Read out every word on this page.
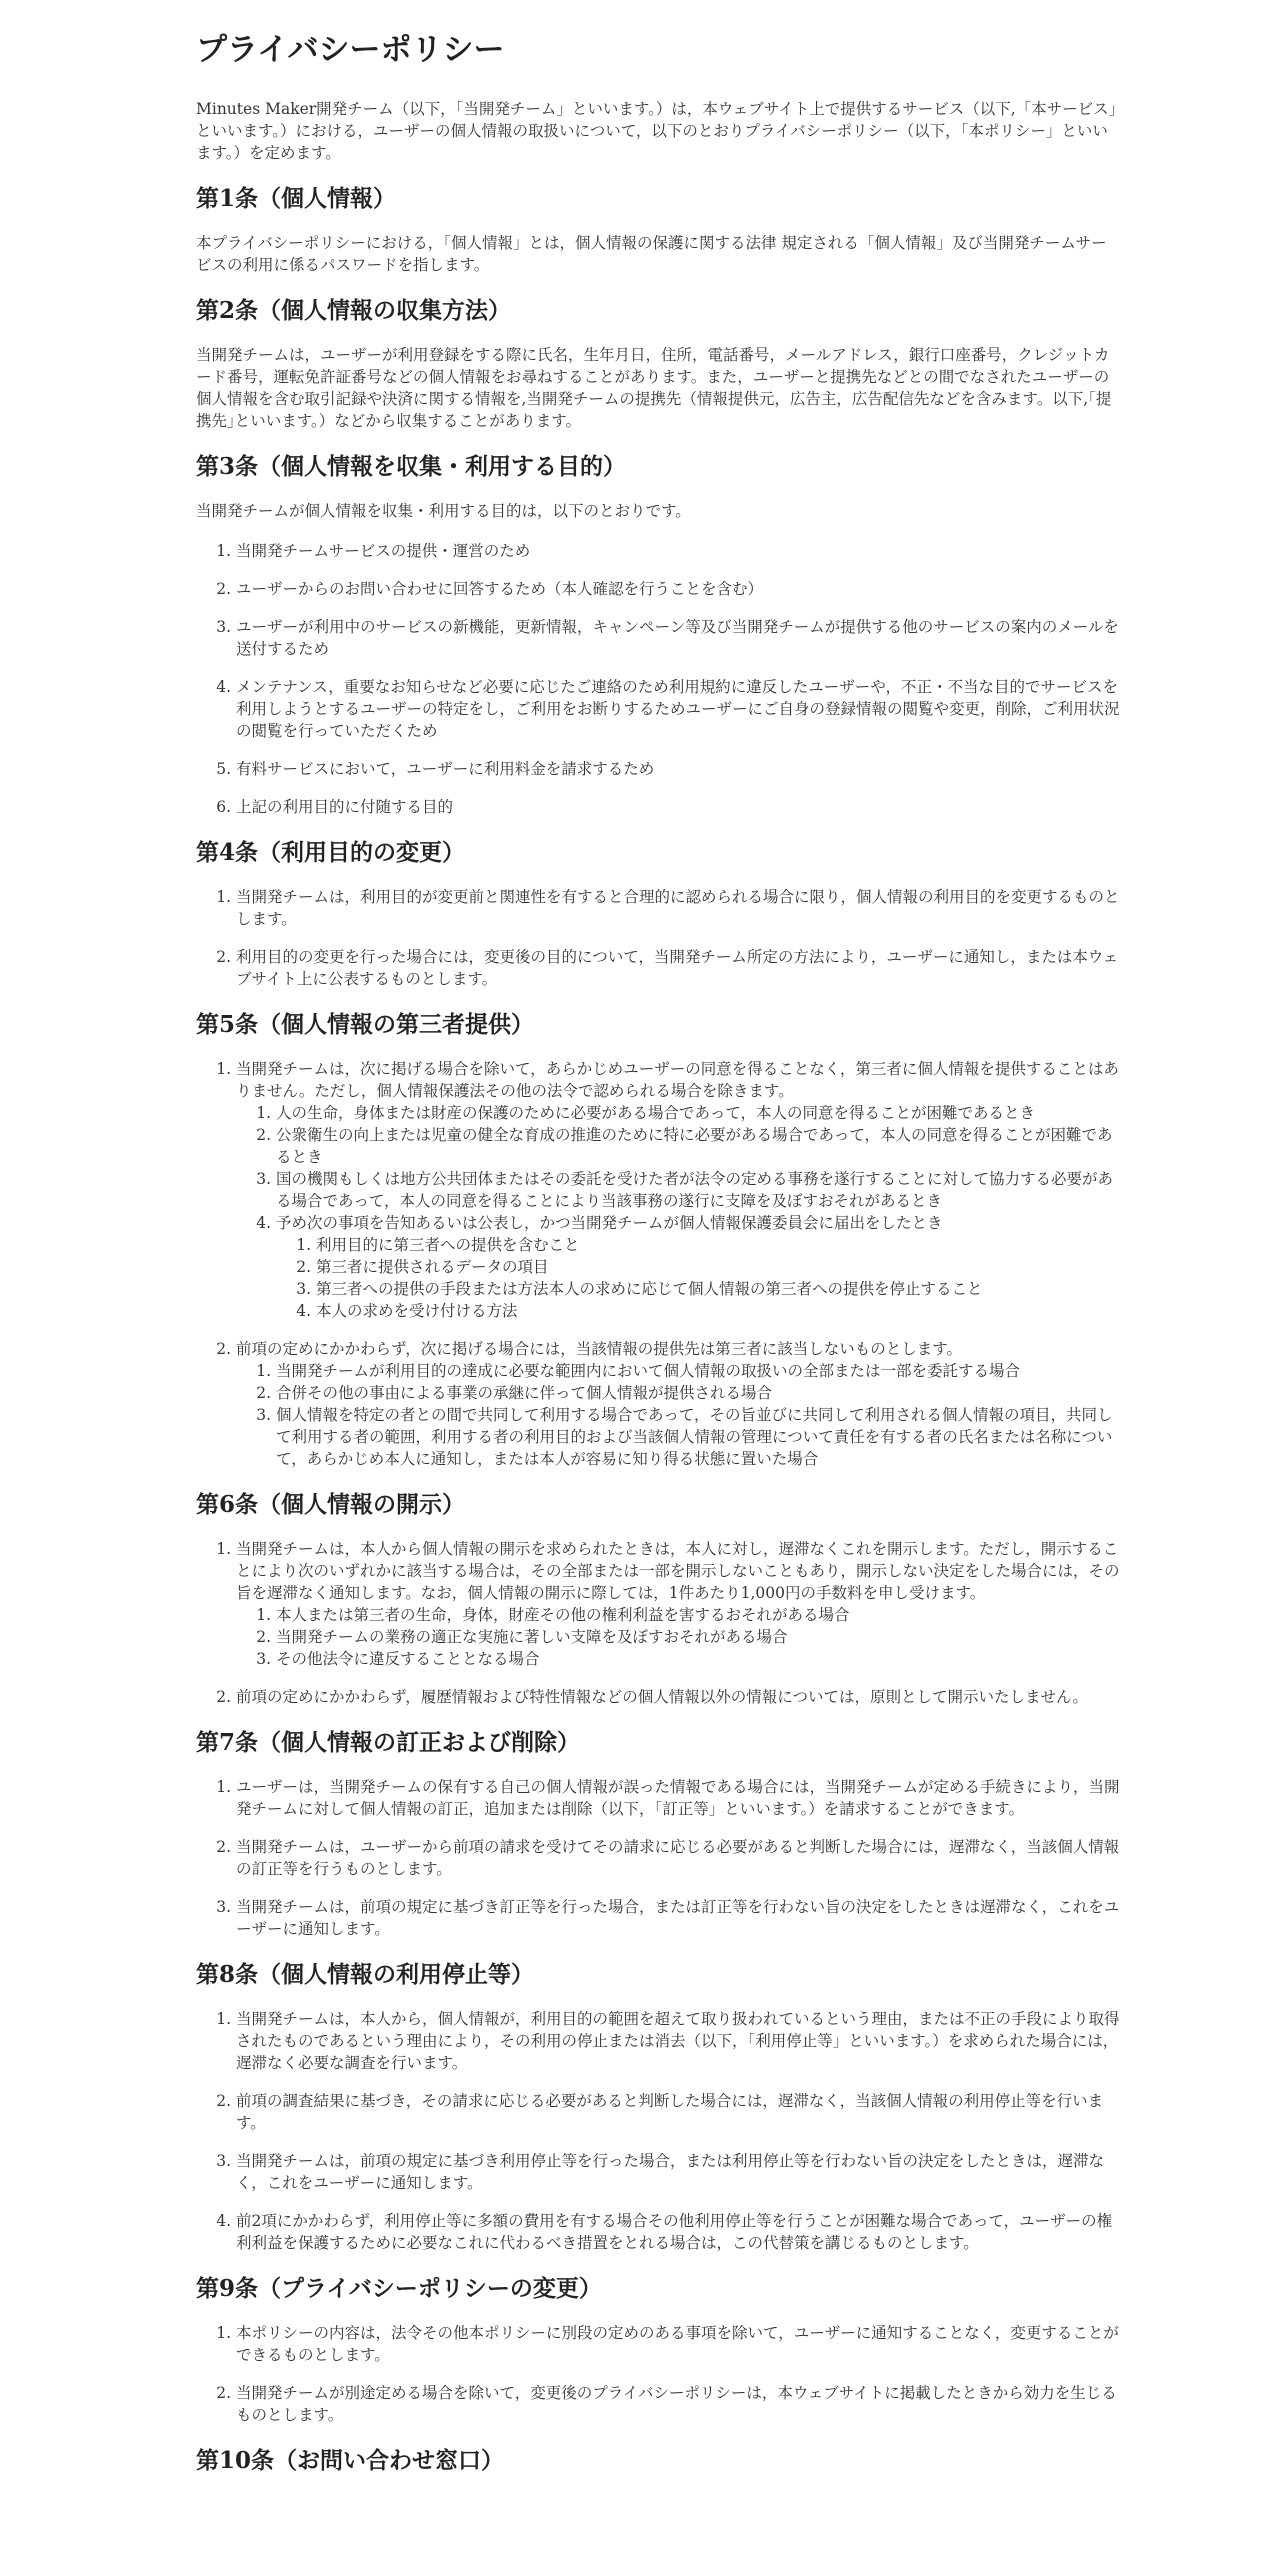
プライバシーポリシー

Minutes Maker開発チーム（以下，「当開発チーム」といいます。）は，本ウェブサイト上で提供するサービス（以下,「本サービス」といいます。）における，ユーザーの個人情報の取扱いについて，以下のとおりプライバシーポリシー（以下，「本ポリシー」といいます。）を定めます。

第1条（個人情報）

本プライバシーポリシーにおける，「個人情報」とは，個人情報の保護に関する法律 規定される「個人情報」及び当開発チームサービスの利用に係るパスワードを指します。

第2条（個人情報の収集方法）

当開発チームは，ユーザーが利用登録をする際に氏名，生年月日，住所，電話番号，メールアドレス，銀行口座番号，クレジットカード番号，運転免許証番号などの個人情報をお尋ねすることがあります。また，ユーザーと提携先などとの間でなされたユーザーの個人情報を含む取引記録や決済に関する情報を,当開発チームの提携先（情報提供元，広告主，広告配信先などを含みます。以下,｢提携先｣といいます。）などから収集することがあります。

第3条（個人情報を収集・利用する目的）

当開発チームが個人情報を収集・利用する目的は，以下のとおりです。

1. 当開発チームサービスの提供・運営のため
2. ユーザーからのお問い合わせに回答するため（本人確認を行うことを含む）
3. ユーザーが利用中のサービスの新機能，更新情報，キャンペーン等及び当開発チームが提供する他のサービスの案内のメールを送付するため
4. メンテナンス，重要なお知らせなど必要に応じたご連絡のため利用規約に違反したユーザーや，不正・不当な目的でサービスを利用しようとするユーザーの特定をし，ご利用をお断りするためユーザーにご自身の登録情報の閲覧や変更，削除，ご利用状況の閲覧を行っていただくため
5. 有料サービスにおいて，ユーザーに利用料金を請求するため
6. 上記の利用目的に付随する目的
第4条（利用目的の変更）
1. 当開発チームは，利用目的が変更前と関連性を有すると合理的に認められる場合に限り，個人情報の利用目的を変更するものとします。
2. 利用目的の変更を行った場合には，変更後の目的について，当開発チーム所定の方法により，ユーザーに通知し，または本ウェブサイト上に公表するものとします。
第5条（個人情報の第三者提供）
1. 当開発チームは，次に掲げる場合を除いて，あらかじめユーザーの同意を得ることなく，第三者に個人情報を提供することはありません。ただし，個人情報保護法その他の法令で認められる場合を除きます。
1. 人の生命，身体または財産の保護のために必要がある場合であって，本人の同意を得ることが困難であるとき
2. 公衆衛生の向上または児童の健全な育成の推進のために特に必要がある場合であって，本人の同意を得ることが困難であるとき
3. 国の機関もしくは地方公共団体またはその委託を受けた者が法令の定める事務を遂行することに対して協力する必要がある場合であって，本人の同意を得ることにより当該事務の遂行に支障を及ぼすおそれがあるとき
4. 予め次の事項を告知あるいは公表し，かつ当開発チームが個人情報保護委員会に届出をしたとき
1. 利用目的に第三者への提供を含むこと
2. 第三者に提供されるデータの項目
3. 第三者への提供の手段または方法本人の求めに応じて個人情報の第三者への提供を停止すること
4. 本人の求めを受け付ける方法
2. 前項の定めにかかわらず，次に掲げる場合には，当該情報の提供先は第三者に該当しないものとします。
1. 当開発チームが利用目的の達成に必要な範囲内において個人情報の取扱いの全部または一部を委託する場合
2. 合併その他の事由による事業の承継に伴って個人情報が提供される場合
3. 個人情報を特定の者との間で共同して利用する場合であって，その旨並びに共同して利用される個人情報の項目，共同して利用する者の範囲，利用する者の利用目的および当該個人情報の管理について責任を有する者の氏名または名称について，あらかじめ本人に通知し，または本人が容易に知り得る状態に置いた場合
第6条（個人情報の開示）
1. 当開発チームは，本人から個人情報の開示を求められたときは，本人に対し，遅滞なくこれを開示します。ただし，開示することにより次のいずれかに該当する場合は，その全部または一部を開示しないこともあり，開示しない決定をした場合には，その旨を遅滞なく通知します。なお，個人情報の開示に際しては，1件あたり1,000円の手数料を申し受けます。
1. 本人または第三者の生命，身体，財産その他の権利利益を害するおそれがある場合
2. 当開発チームの業務の適正な実施に著しい支障を及ぼすおそれがある場合
3. その他法令に違反することとなる場合
2. 前項の定めにかかわらず，履歴情報および特性情報などの個人情報以外の情報については，原則として開示いたしません。
第7条（個人情報の訂正および削除）
1. ユーザーは，当開発チームの保有する自己の個人情報が誤った情報である場合には，当開発チームが定める手続きにより，当開発チームに対して個人情報の訂正，追加または削除（以下，「訂正等」といいます。）を請求することができます。
2. 当開発チームは，ユーザーから前項の請求を受けてその請求に応じる必要があると判断した場合には，遅滞なく，当該個人情報の訂正等を行うものとします。
3. 当開発チームは，前項の規定に基づき訂正等を行った場合，または訂正等を行わない旨の決定をしたときは遅滞なく，これをユーザーに通知します。
第8条（個人情報の利用停止等）
1. 当開発チームは，本人から，個人情報が，利用目的の範囲を超えて取り扱われているという理由，または不正の手段により取得されたものであるという理由により，その利用の停止または消去（以下，「利用停止等」といいます。）を求められた場合には，遅滞なく必要な調査を行います。
2. 前項の調査結果に基づき，その請求に応じる必要があると判断した場合には，遅滞なく，当該個人情報の利用停止等を行います。
3. 当開発チームは，前項の規定に基づき利用停止等を行った場合，または利用停止等を行わない旨の決定をしたときは，遅滞なく，これをユーザーに通知します。
4. 前2項にかかわらず，利用停止等に多額の費用を有する場合その他利用停止等を行うことが困難な場合であって，ユーザーの権利利益を保護するために必要なこれに代わるべき措置をとれる場合は，この代替策を講じるものとします。
第9条（プライバシーポリシーの変更）
1. 本ポリシーの内容は，法令その他本ポリシーに別段の定めのある事項を除いて，ユーザーに通知することなく，変更することができるものとします。
2. 当開発チームが別途定める場合を除いて，変更後のプライバシーポリシーは，本ウェブサイトに掲載したときから効力を生じるものとします。
第10条（お問い合わせ窓口）
